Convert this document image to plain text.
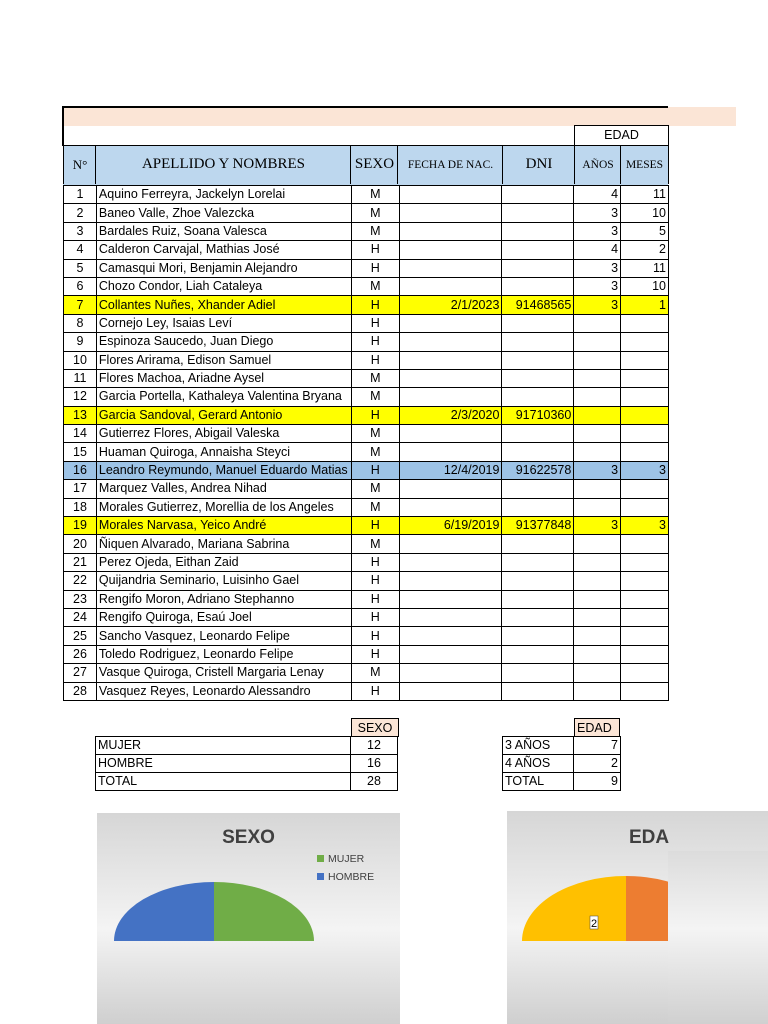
EDAD
N°	APELLIDO Y NOMBRES	SEXO	FECHA DE NAC.	DNI	AÑOS	MESES
1	Aquino Ferreyra, Jackelyn Lorelai	M			4	11
2	Baneo Valle, Zhoe Valezcka	M			3	10
3	Bardales Ruiz, Soana Valesca	M			3	5
4	Calderon Carvajal, Mathias José	H			4	2
5	Camasqui Mori, Benjamin Alejandro	H			3	11
6	Chozo Condor, Liah Cataleya	M			3	10
7	Collantes Nuñes, Xhander Adiel	H	2/1/2023	91468565	3	1
8	Cornejo Ley, Isaias Leví	H				
9	Espinoza Saucedo, Juan Diego	H				
10	Flores Arirama, Edison Samuel	H				
11	Flores Machoa, Ariadne Aysel	M				
12	Garcia Portella, Kathaleya Valentina Bryana	M				
13	Garcia Sandoval, Gerard Antonio	H	2/3/2020	91710360		
14	Gutierrez Flores, Abigail Valeska	M				
15	Huaman Quiroga, Annaisha Steyci	M				
16	Leandro Reymundo, Manuel Eduardo Matias	H	12/4/2019	91622578	3	3
17	Marquez Valles, Andrea Nihad	M				
18	Morales Gutierrez, Morellia de los Angeles	M				
19	Morales Narvasa, Yeico André	H	6/19/2019	91377848	3	3
20	Ñiquen Alvarado, Mariana Sabrina	M				
21	Perez Ojeda, Eithan Zaid	H				
22	Quijandria Seminario, Luisinho Gael	H				
23	Rengifo Moron, Adriano Stephanno	H				
24	Rengifo Quiroga, Esaú Joel	H				
25	Sancho Vasquez, Leonardo Felipe	H				
26	Toledo Rodriguez, Leonardo Felipe	H				
27	Vasque Quiroga, Cristell Margaria Lenay	M				
28	Vasquez Reyes, Leonardo Alessandro	H				
SEXO
MUJER	12
HOMBRE	16
TOTAL	28
EDAD
3 AÑOS	7
4 AÑOS	2
TOTAL	9
SEXO
MUJER
HOMBRE
EDA
2
